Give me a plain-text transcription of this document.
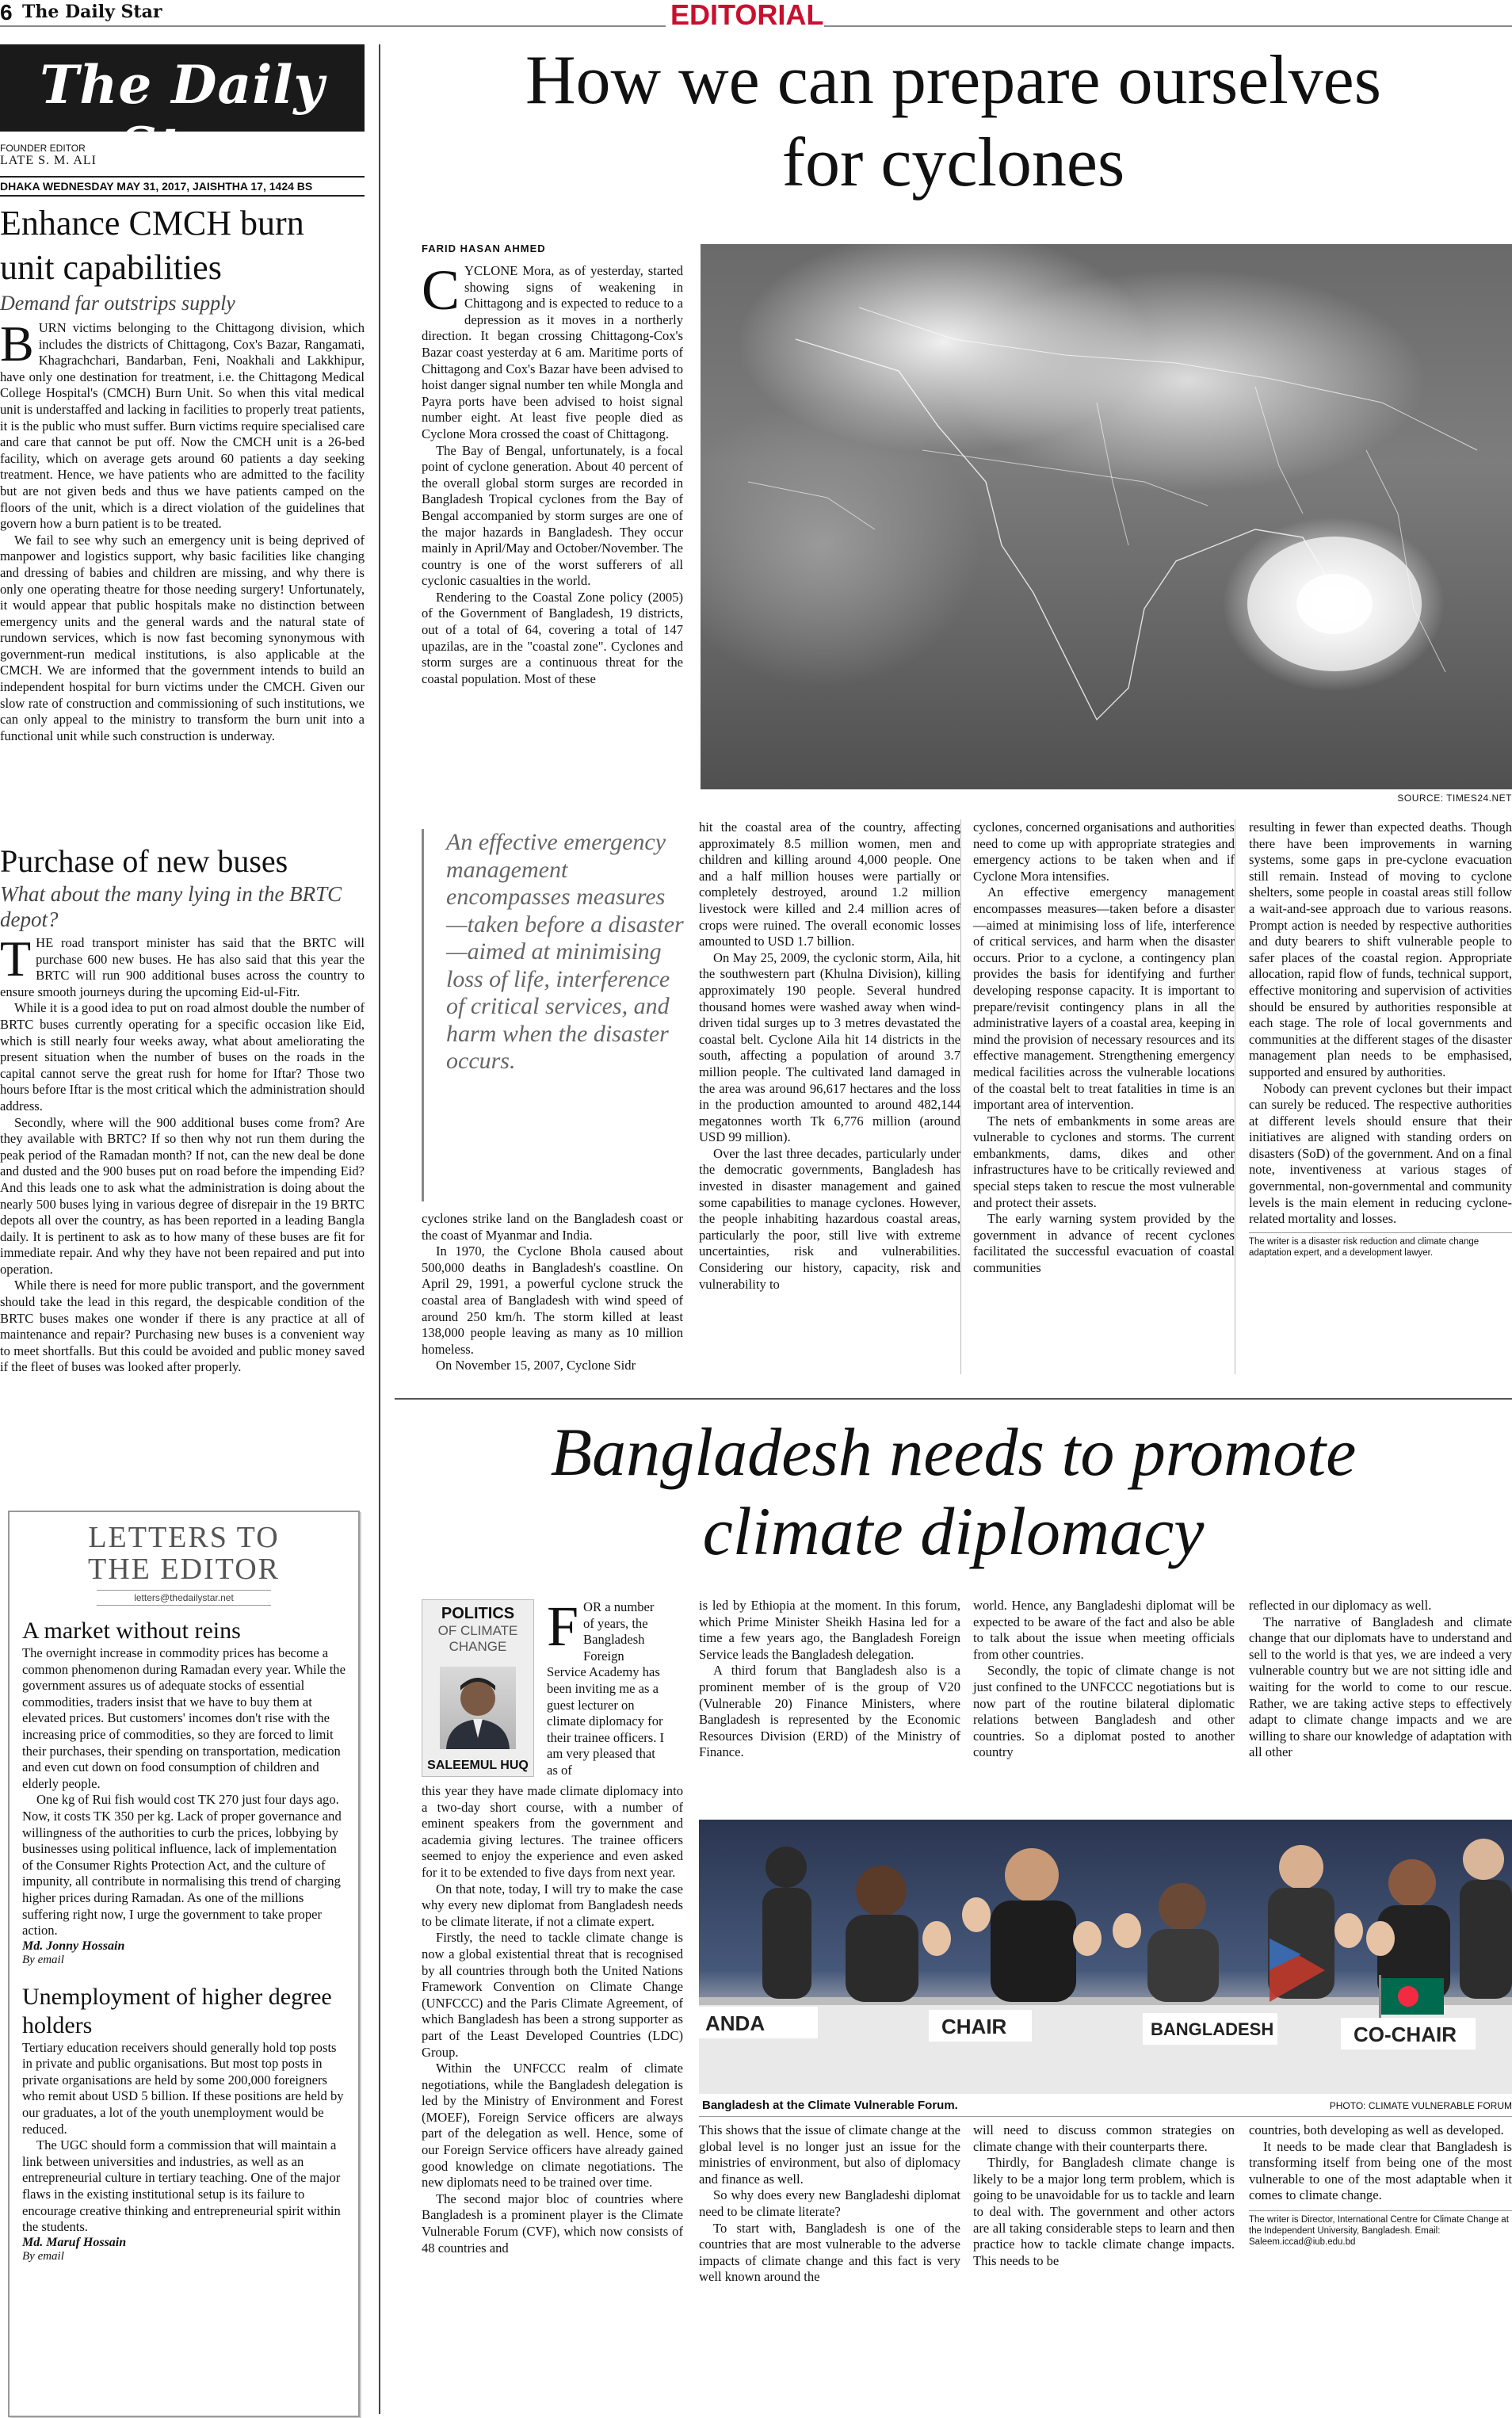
6 The Daily Star	EDITORIAL
The Daily Star
FOUNDER EDITOR
LATE S. M. ALI
DHAKA WEDNESDAY MAY 31, 2017, JAISHTHA 17, 1424 BS
Enhance CMCH burn unit capabilities
Demand far outstrips supply

BURN victims belonging to the Chittagong division, which includes the districts of Chittagong, Cox's Bazar, Rangamati, Khagrachchari, Bandarban, Feni, Noakhali and Lakkhipur, have only one destination for treatment, i.e. the Chittagong Medical College Hospital's (CMCH) Burn Unit. So when this vital medical unit is understaffed and lacking in facilities to properly treat patients, it is the public who must suffer. Burn victims require specialised care and care that cannot be put off. Now the CMCH unit is a 26-bed facility, which on average gets around 60 patients a day seeking treatment. Hence, we have patients who are admitted to the facility but are not given beds and thus we have patients camped on the floors of the unit, which is a direct violation of the guidelines that govern how a burn patient is to be treated.

We fail to see why such an emergency unit is being deprived of manpower and logistics support, why basic facilities like changing and dressing of babies and children are missing, and why there is only one operating theatre for those needing surgery! Unfortunately, it would appear that public hospitals make no distinction between emergency units and the general wards and the natural state of rundown services, which is now fast becoming synonymous with government-run medical institutions, is also applicable at the CMCH. We are informed that the government intends to build an independent hospital for burn victims under the CMCH. Given our slow rate of construction and commissioning of such institutions, we can only appeal to the ministry to transform the burn unit into a functional unit while such construction is underway.

Purchase of new buses
What about the many lying in the BRTC depot?

THE road transport minister has said that the BRTC will purchase 600 new buses. He has also said that this year the BRTC will run 900 additional buses across the country to ensure smooth journeys during the upcoming Eid-ul-Fitr.

While it is a good idea to put on road almost double the number of BRTC buses currently operating for a specific occasion like Eid, which is still nearly four weeks away, what about ameliorating the present situation when the number of buses on the roads in the capital cannot serve the great rush for home for Iftar? Those two hours before Iftar is the most critical which the administration should address.

Secondly, where will the 900 additional buses come from? Are they available with BRTC? If so then why not run them during the peak period of the Ramadan month? If not, can the new deal be done and dusted and the 900 buses put on road before the impending Eid? And this leads one to ask what the administration is doing about the nearly 500 buses lying in various degree of disrepair in the 19 BRTC depots all over the country, as has been reported in a leading Bangla daily. It is pertinent to ask as to how many of these buses are fit for immediate repair. And why they have not been repaired and put into operation.

While there is need for more public transport, and the government should take the lead in this regard, the despicable condition of the BRTC buses makes one wonder if there is any practice at all of maintenance and repair? Purchasing new buses is a convenient way to meet shortfalls. But this could be avoided and public money saved if the fleet of buses was looked after properly.

LETTERS TO THE EDITOR
letters@thedailystar.net
A market without reins

The overnight increase in commodity prices has become a common phenomenon during Ramadan every year. While the government assures us of adequate stocks of essential commodities, traders insist that we have to buy them at elevated prices. But customers' incomes don't rise with the increasing price of commodities, so they are forced to limit their purchases, their spending on transportation, medication and even cut down on food consumption of children and elderly people.

One kg of Rui fish would cost TK 270 just four days ago. Now, it costs TK 350 per kg. Lack of proper governance and willingness of the authorities to curb the prices, lobbying by businesses using political influence, lack of implementation of the Consumer Rights Protection Act, and the culture of impunity, all contribute in normalising this trend of charging higher prices during Ramadan. As one of the millions suffering right now, I urge the government to take proper action.

Md. Jonny Hossain
By email
Unemployment of higher degree holders

Tertiary education receivers should generally hold top posts in private and public organisations. But most top posts in private organisations are held by some 200,000 foreigners who remit about USD 5 billion. If these positions are held by our graduates, a lot of the youth unemployment would be reduced.

The UGC should form a commission that will maintain a link between universities and industries, as well as an entrepreneurial culture in tertiary teaching. One of the major flaws in the existing institutional setup is its failure to encourage creative thinking and entrepreneurial spirit within the students.

Md. Maruf Hossain
By email
How we can prepare ourselves
for cyclones
FARID HASAN AHMED

CYCLONE Mora, as of yesterday, started showing signs of weakening in Chittagong and is expected to reduce to a depression as it moves in a northerly direction. It began crossing Chittagong-Cox's Bazar coast yesterday at 6 am. Maritime ports of Chittagong and Cox's Bazar have been advised to hoist danger signal number ten while Mongla and Payra ports have been advised to hoist signal number eight. At least five people died as Cyclone Mora crossed the coast of Chittagong.

The Bay of Bengal, unfortunately, is a focal point of cyclone generation. About 40 percent of the overall global storm surges are recorded in Bangladesh Tropical cyclones from the Bay of Bengal accompanied by storm surges are one of the major hazards in Bangladesh. They occur mainly in April/May and October/November. The country is one of the worst sufferers of all cyclonic casualties in the world.

Rendering to the Coastal Zone policy (2005) of the Government of Bangladesh, 19 districts, out of a total of 64, covering a total of 147 upazilas, are in the "coastal zone". Cyclones and storm surges are a continuous threat for the coastal population. Most of these

SOURCE: TIMES24.NET
An effective emergency management encompasses measures—taken before a disaster—aimed at minimising loss of life, interference of critical services, and harm when the disaster occurs.

cyclones strike land on the Bangladesh coast or the coast of Myanmar and India.

In 1970, the Cyclone Bhola caused about 500,000 deaths in Bangladesh's coastline. On April 29, 1991, a powerful cyclone struck the coastal area of Bangladesh with wind speed of around 250 km/h. The storm killed at least 138,000 people leaving as many as 10 million homeless.

On November 15, 2007, Cyclone Sidr

hit the coastal area of the country, affecting approximately 8.5 million women, men and children and killing around 4,000 people. One and a half million houses were partially or completely destroyed, around 1.2 million livestock were killed and 2.4 million acres of crops were ruined. The overall economic losses amounted to USD 1.7 billion.

On May 25, 2009, the cyclonic storm, Aila, hit the southwestern part (Khulna Division), killing approximately 190 people. Several hundred thousand homes were washed away when wind-driven tidal surges up to 3 metres devastated the coastal belt. Cyclone Aila hit 14 districts in the south, affecting a population of around 3.7 million people. The cultivated land damaged in the area was around 96,617 hectares and the loss in the production amounted to around 482,144 megatonnes worth Tk 6,776 million (around USD 99 million).

Over the last three decades, particularly under the democratic governments, Bangladesh has invested in disaster management and gained some capabilities to manage cyclones. However, the people inhabiting hazardous coastal areas, particularly the poor, still live with extreme uncertainties, risk and vulnerabilities. Considering our history, capacity, risk and vulnerability to

cyclones, concerned organisations and authorities need to come up with appropriate strategies and emergency actions to be taken when and if Cyclone Mora intensifies.

An effective emergency management encompasses measures—taken before a disaster —aimed at minimising loss of life, interference of critical services, and harm when the disaster occurs. Prior to a cyclone, a contingency plan provides the basis for identifying and further developing response capacity. It is important to prepare/revisit contingency plans in all the administrative layers of a coastal area, keeping in mind the provision of necessary resources and its effective management. Strengthening emergency medical facilities across the vulnerable locations of the coastal belt to treat fatalities in time is an important area of intervention.

The nets of embankments in some areas are vulnerable to cyclones and storms. The current embankments, dams, dikes and other infrastructures have to be critically reviewed and special steps taken to rescue the most vulnerable and protect their assets.

The early warning system provided by the government in advance of recent cyclones facilitated the successful evacuation of coastal communities

resulting in fewer than expected deaths. Though there have been improvements in warning systems, some gaps in pre-cyclone evacuation still remain. Instead of moving to cyclone shelters, some people in coastal areas still follow a wait-and-see approach due to various reasons. Prompt action is needed by respective authorities and duty bearers to shift vulnerable people to safer places of the coastal region. Appropriate allocation, rapid flow of funds, technical support, effective monitoring and supervision of activities should be ensured by authorities responsible at each stage. The role of local governments and communities at the different stages of the disaster management plan needs to be emphasised, supported and ensured by authorities.

Nobody can prevent cyclones but their impact can surely be reduced. The respective authorities at different levels should ensure that their initiatives are aligned with standing orders on disasters (SoD) of the government. And on a final note, inventiveness at various stages of governmental, non-governmental and community levels is the main element in reducing cyclone-related mortality and losses.

The writer is a disaster risk reduction and climate change adaptation expert, and a development lawyer.
Bangladesh needs to promote
climate diplomacy
POLITICS
OF CLIMATE
CHANGE
SALEEMUL HUQ

FOR a number of years, the Bangladesh Foreign Service Academy has been inviting me as a guest lecturer on climate diplomacy for their trainee officers. I am very pleased that as of

this year they have made climate diplomacy into a two-day short course, with a number of eminent speakers from the government and academia giving lectures. The trainee officers seemed to enjoy the experience and even asked for it to be extended to five days from next year.

On that note, today, I will try to make the case why every new diplomat from Bangladesh needs to be climate literate, if not a climate expert.

Firstly, the need to tackle climate change is now a global existential threat that is recognised by all countries through both the United Nations Framework Convention on Climate Change (UNFCCC) and the Paris Climate Agreement, of which Bangladesh has been a strong supporter as part of the Least Developed Countries (LDC) Group.

Within the UNFCCC realm of climate negotiations, while the Bangladesh delegation is led by the Ministry of Environment and Forest (MOEF), Foreign Service officers are always part of the delegation as well. Hence, some of our Foreign Service officers have already gained good knowledge on climate negotiations. The new diplomats need to be trained over time.

The second major bloc of countries where Bangladesh is a prominent player is the Climate Vulnerable Forum (CVF), which now consists of 48 countries and

is led by Ethiopia at the moment. In this forum, which Prime Minister Sheikh Hasina led for a time a few years ago, the Bangladesh Foreign Service leads the Bangladesh delegation.

A third forum that Bangladesh also is a prominent member of is the group of V20 (Vulnerable 20) Finance Ministers, where Bangladesh is represented by the Economic Resources Division (ERD) of the Ministry of Finance.

world. Hence, any Bangladeshi diplomat will be expected to be aware of the fact and also be able to talk about the issue when meeting officials from other countries.

Secondly, the topic of climate change is not just confined to the UNFCCC negotiations but is now part of the routine bilateral diplomatic relations between Bangladesh and other countries. So a diplomat posted to another country

reflected in our diplomacy as well.

The narrative of Bangladesh and climate change that our diplomats have to understand and sell to the world is that yes, we are indeed a very vulnerable country but we are not sitting idle and waiting for the world to come to our rescue. Rather, we are taking active steps to effectively adapt to climate change impacts and we are willing to share our knowledge of adaptation with all other

ANDA	CHAIR	BANGLADESH	CO-CHAIR
Bangladesh at the Climate Vulnerable Forum.	PHOTO: CLIMATE VULNERABLE FORUM

This shows that the issue of climate change at the global level is no longer just an issue for the ministries of environment, but also of diplomacy and finance as well.

So why does every new Bangladeshi diplomat need to be climate literate?

To start with, Bangladesh is one of the countries that are most vulnerable to the adverse impacts of climate change and this fact is very well known around the

will need to discuss common strategies on climate change with their counterparts there.

Thirdly, for Bangladesh climate change is likely to be a major long term problem, which is going to be unavoidable for us to tackle and learn to deal with. The government and other actors are all taking considerable steps to learn and then practice how to tackle climate change impacts. This needs to be

countries, both developing as well as developed.

It needs to be made clear that Bangladesh is transforming itself from being one of the most vulnerable to one of the most adaptable when it comes to climate change.

The writer is Director, International Centre for Climate Change at the Independent University, Bangladesh. Email: Saleem.iccad@iub.edu.bd
